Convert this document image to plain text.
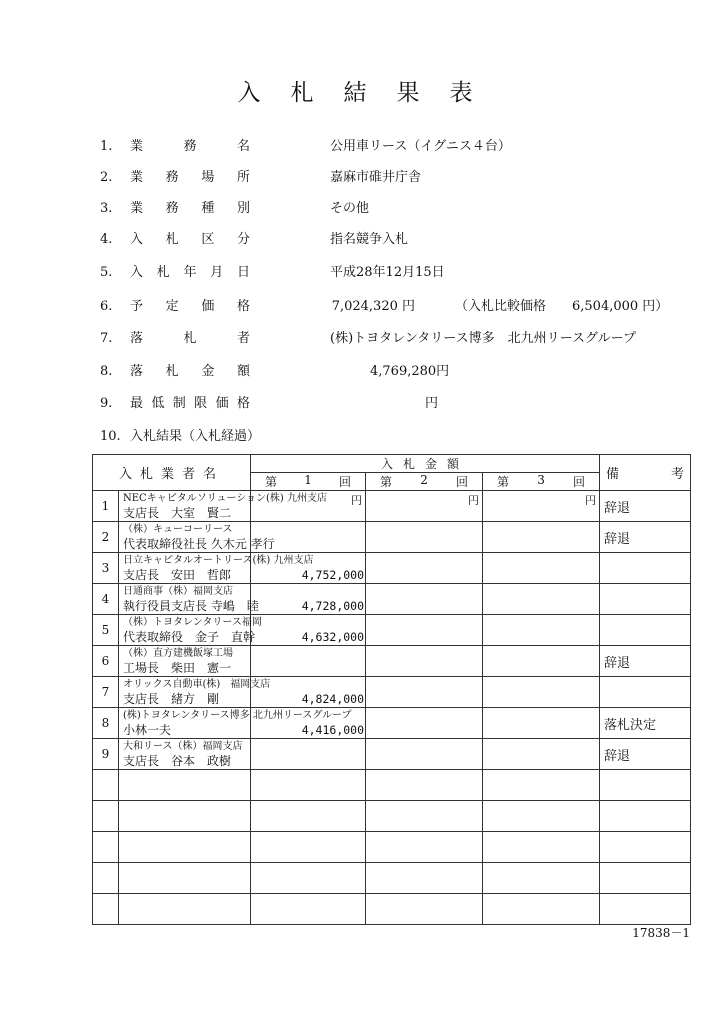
入札結果表
1.	業	務	名	公用車リース（イグニス４台）
2.	業 務 場 所	嘉麻市碓井庁舎
3.	業 務 種 別	その他
4.	入 札 区 分	指名競争入札
5.	入 札 年 月 日	平成28年12月15日
6.	予 定 価 格	7,024,320 円	（入札比較価格　　6,504,000 円）
7.	落	札	者	(株)トヨタレンタリース博多　北九州リースグループ
8.	落 札 金 額	4,769,280円
9.	最 低 制 限 価 格	円
10. 入札結果（入札経過）
入札業者名		入札金額			備 考

		第 1 回	第 2 回	第 3 回	

1	NECキャピタルソリューション(株) 九州支店
支店長　大室　賢二	円	円	円	辞退
2	（株）キューコーリース
代表取締役社長 久木元 孝行				辞退
3	日立キャピタルオートリース(株) 九州支店
支店長　安田　哲郎	4,752,000			

4	日通商事（株）福岡支店
執行役員支店長 寺嶋　睦	4,728,000			

5	（株）トヨタレンタリース福岡
代表取締役　金子　直幹	4,632,000			

6	（株）直方建機飯塚工場
工場長　柴田　憲一				辞退
7	オリックス自動車(株)　福岡支店
支店長　緒方　剛	4,824,000			

8	(株)トヨタレンタリース博多 北九州リースグループ
小林一夫	4,416,000			落札決定
9	大和リース（株）福岡支店
支店長　谷本　政樹				辞退

17838－1
